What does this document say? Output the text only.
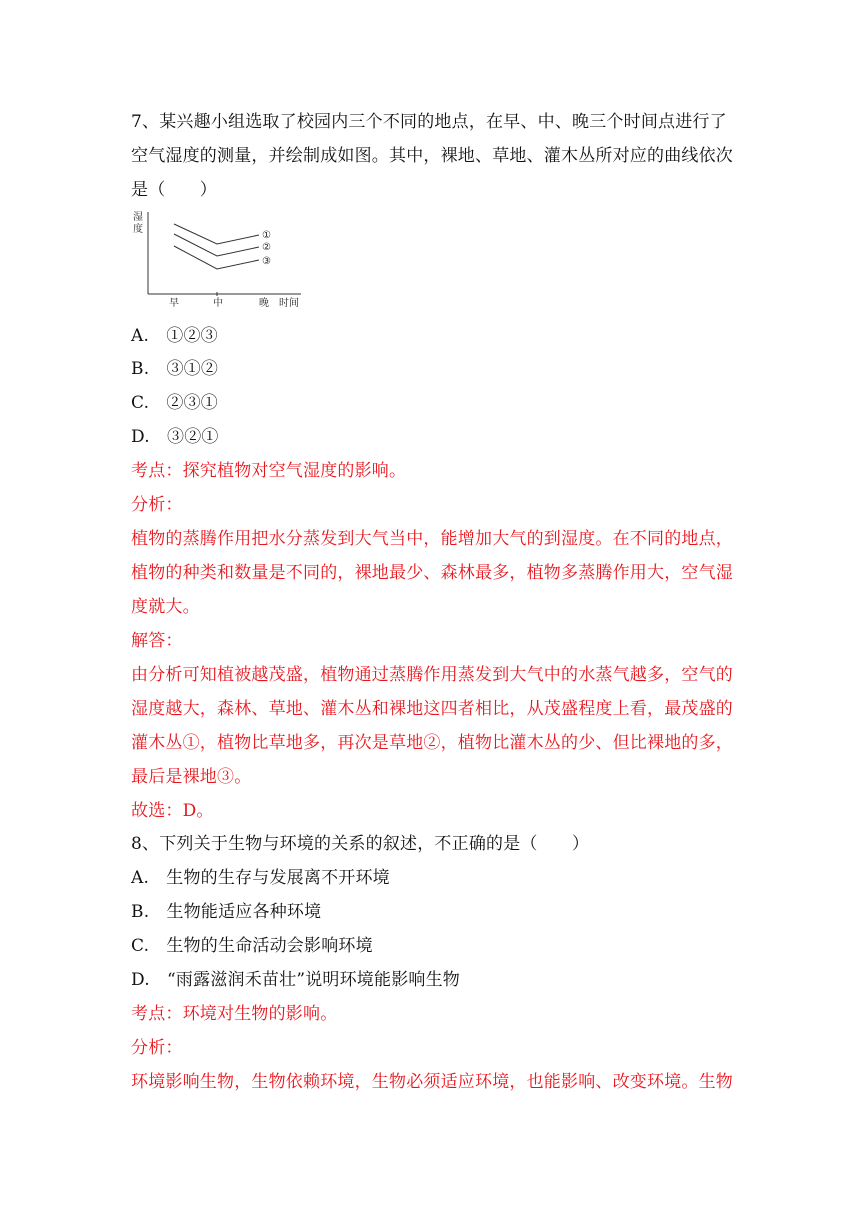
7、某兴趣小组选取了校园内三个不同的地点，在早、中、晚三个时间点进行了
空气湿度的测量，并绘制成如图。其中，裸地、草地、灌木丛所对应的曲线依次
是（　　）
湿
度
①
②
③
早	中	晚 时间
A.　①②③
B.　③①②
C.　②③①
D.　③②①
考点：探究植物对空气湿度的影响。
分析：
植物的蒸腾作用把水分蒸发到大气当中，能增加大气的到湿度。在不同的地点，
植物的种类和数量是不同的，裸地最少、森林最多，植物多蒸腾作用大，空气湿
度就大。
解答：
由分析可知植被越茂盛，植物通过蒸腾作用蒸发到大气中的水蒸气越多，空气的
湿度越大，森林、草地、灌木丛和裸地这四者相比，从茂盛程度上看，最茂盛的
灌木丛①，植物比草地多，再次是草地②，植物比灌木丛的少、但比裸地的多，
最后是裸地③。
故选：D。
8、下列关于生物与环境的关系的叙述，不正确的是（　　）
A.　生物的生存与发展离不开环境
B.　生物能适应各种环境
C.　生物的生命活动会影响环境
D.　“雨露滋润禾苗壮”说明环境能影响生物
考点：环境对生物的影响。
分析：
环境影响生物，生物依赖环境，生物必须适应环境，也能影响、改变环境。生物
